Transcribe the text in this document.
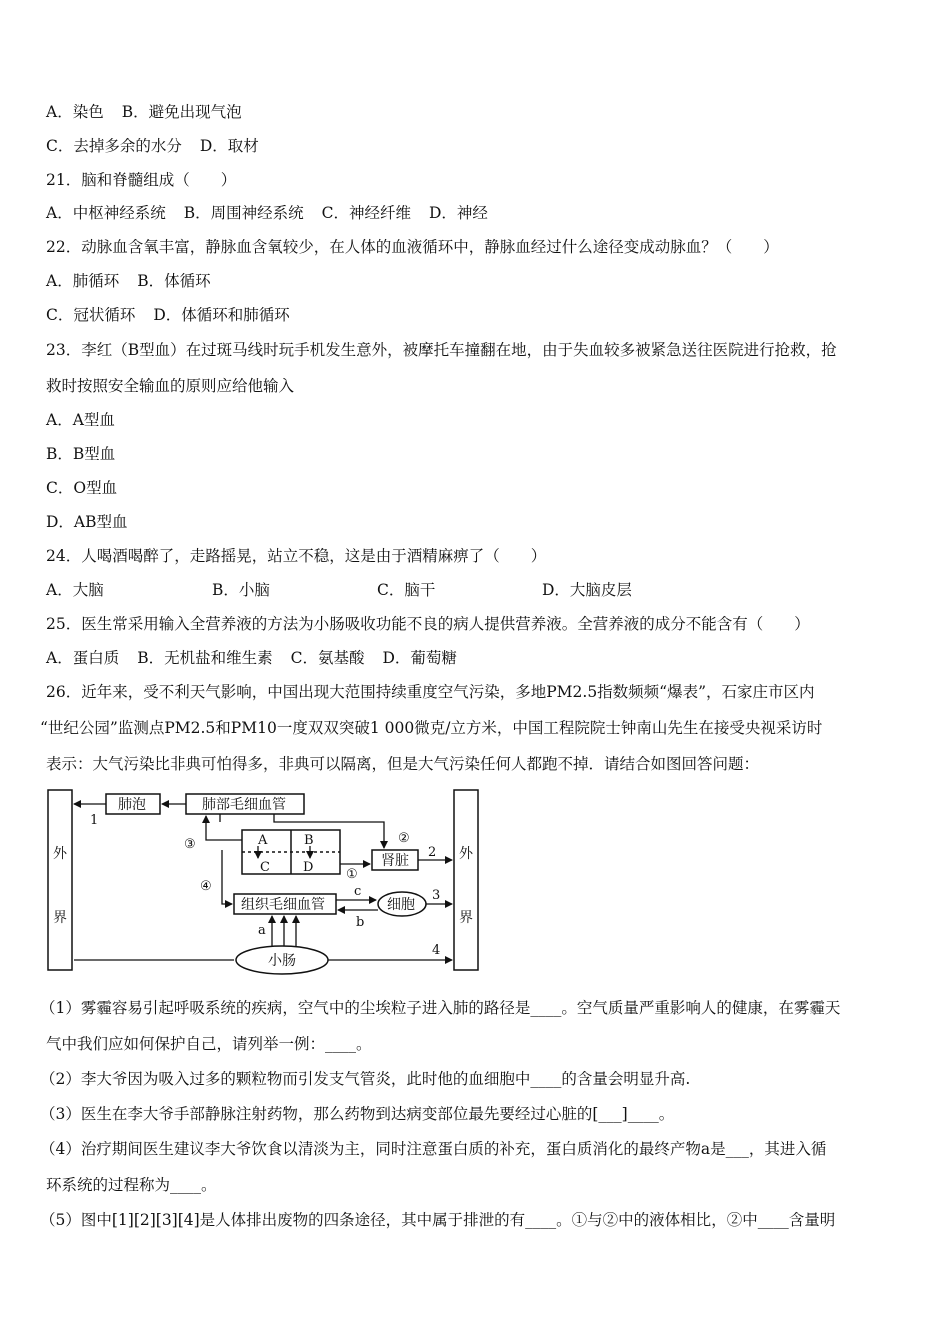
A．染色 B．避免出现气泡
C．去掉多余的水分 D．取材
21．脑和脊髓组成（　　）
A．中枢神经系统 B．周围神经系统 C．神经纤维 D．神经
22．动脉血含氧丰富，静脉血含氧较少，在人体的血液循环中，静脉血经过什么途径变成动脉血？（　　）
A．肺循环 B．体循环
C．冠状循环 D．体循环和肺循环
23．李红（B型血）在过斑马线时玩手机发生意外，被摩托车撞翻在地，由于失血较多被紧急送往医院进行抢救，抢
救时按照安全输血的原则应给他输入
A．A型血
B．B型血
C．O型血
D．AB型血
24．人喝酒喝醉了，走路摇晃，站立不稳，这是由于酒精麻痹了（　　）
A．大脑	B．小脑	C．脑干	D．大脑皮层
25．医生常采用输入全营养液的方法为小肠吸收功能不良的病人提供营养液。全营养液的成分不能含有（　　）
A．蛋白质 B．无机盐和维生素 C．氨基酸 D．葡萄糖
26．近年来，受不利天气影响，中国出现大范围持续重度空气污染，多地PM2.5指数频频“爆表”，石家庄市区内
“世纪公园”监测点PM2.5和PM10一度双双突破1 000微克/立方米，中国工程院院士钟南山先生在接受央视采访时
表示：大气污染比非典可怕得多，非典可以隔离，但是大气污染任何人都跑不掉．请结合如图回答问题：
外
界
外
界
肺泡	肺部毛细血管
肾脏
组织毛细血管	细胞
小肠
A	B
C	D
1
2
3
4
①
②
③
④
a
b
c
（1）雾霾容易引起呼吸系统的疾病，空气中的尘埃粒子进入肺的路径是____。空气质量严重影响人的健康，在雾霾天
气中我们应如何保护自己，请列举一例：____。
（2）李大爷因为吸入过多的颗粒物而引发支气管炎，此时他的血细胞中____的含量会明显升高.
（3）医生在李大爷手部静脉注射药物，那么药物到达病变部位最先要经过心脏的[___]____。
（4）治疗期间医生建议李大爷饮食以清淡为主，同时注意蛋白质的补充，蛋白质消化的最终产物a是___，其进入循
环系统的过程称为____。
（5）图中[1][2][3][4]是人体排出废物的四条途径，其中属于排泄的有____。①与②中的液体相比，②中____含量明
